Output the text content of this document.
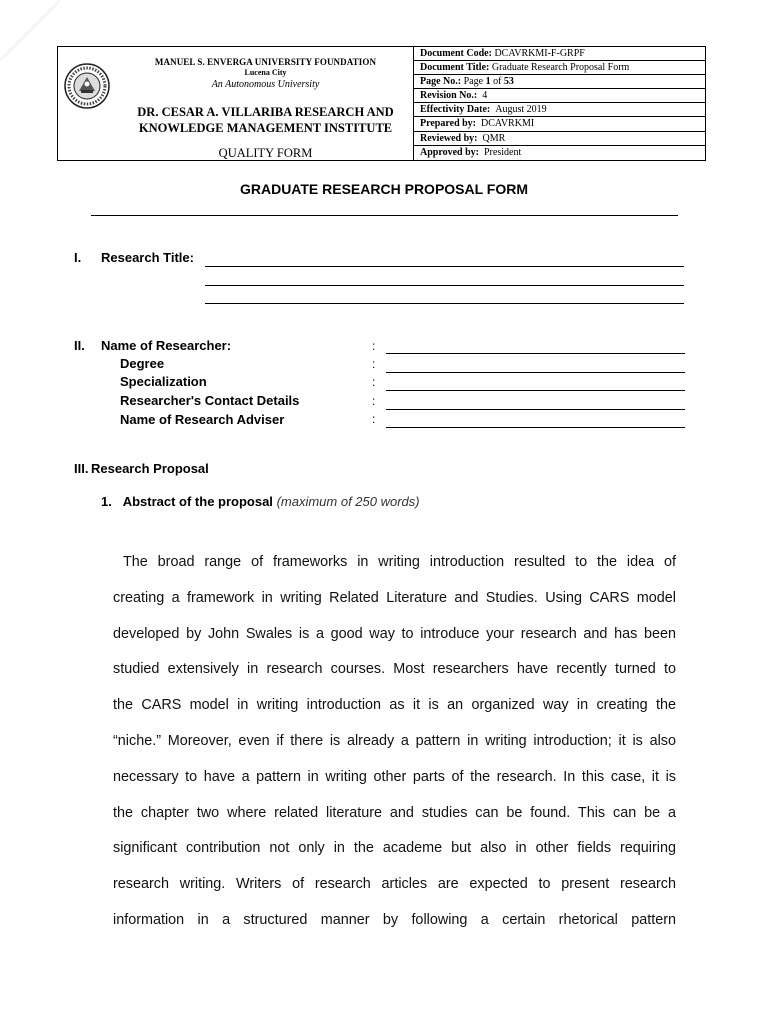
MANUEL S. ENVERGA UNIVERSITY FOUNDATION
Lucena City
An Autonomous University
DR. CESAR A. VILLARIBA RESEARCH AND
KNOWLEDGE MANAGEMENT INSTITUTE
QUALITY FORM
Document Code: DCAVRKMI-F-GRPF
Document Title: Graduate Research Proposal Form
Page No.: Page 1 of 53
Revision No.: 4
Effectivity Date: August 2019
Prepared by: DCAVRKMI
Reviewed by: QMR
Approved by: President
GRADUATE RESEARCH PROPOSAL FORM
I. Research Title:
II. Name of Researcher:	:
Degree	:
Specialization	:
Researcher's Contact Details	:
Name of Research Adviser	:
III. Research Proposal
1. Abstract of the proposal (maximum of 250 words)
The broad range of frameworks in writing introduction resulted to the idea of
creating a framework in writing Related Literature and Studies. Using CARS model
developed by John Swales is a good way to introduce your research and has been
studied extensively in research courses. Most researchers have recently turned to
the CARS model in writing introduction as it is an organized way in creating the
“niche.” Moreover, even if there is already a pattern in writing introduction; it is also
necessary to have a pattern in writing other parts of the research. In this case, it is
the chapter two where related literature and studies can be found. This can be a
significant contribution not only in the academe but also in other fields requiring
research writing. Writers of research articles are expected to present research
information in a structured manner by following a certain rhetorical pattern
